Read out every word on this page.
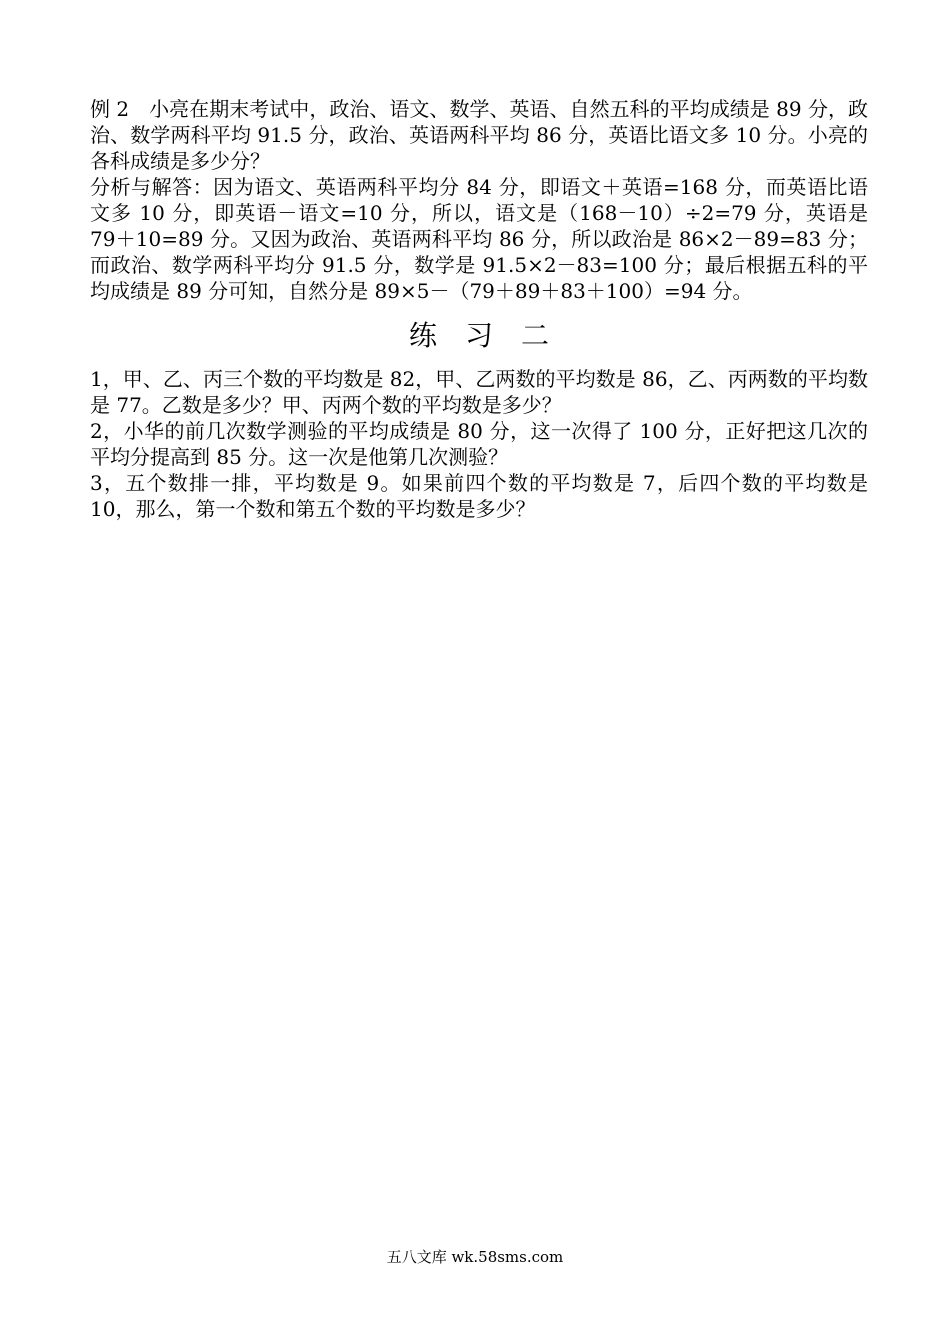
例 2　小亮在期末考试中，政治、语文、数学、英语、自然五科的平均成绩是 89 分，政治、数学两科平均 91.5 分，政治、英语两科平均 86 分，英语比语文多 10 分。小亮的各科成绩是多少分？

分析与解答：因为语文、英语两科平均分 84 分，即语文＋英语=168 分，而英语比语文多 10 分，即英语－语文=10 分，所以，语文是（168－10）÷2=79 分，英语是 79＋10=89 分。又因为政治、英语两科平均 86 分，所以政治是 86×2－89=83 分；而政治、数学两科平均分 91.5 分，数学是 91.5×2－83=100 分；最后根据五科的平均成绩是 89 分可知，自然分是 89×5－（79＋89＋83＋100）=94 分。

练习二

1，甲、乙、丙三个数的平均数是 82，甲、乙两数的平均数是 86，乙、丙两数的平均数是 77。乙数是多少？甲、丙两个数的平均数是多少？

2，小华的前几次数学测验的平均成绩是 80 分，这一次得了 100 分，正好把这几次的平均分提高到 85 分。这一次是他第几次测验？

3，五个数排一排，平均数是 9。如果前四个数的平均数是 7，后四个数的平均数是 10，那么，第一个数和第五个数的平均数是多少？

五八文库 wk.58sms.com
